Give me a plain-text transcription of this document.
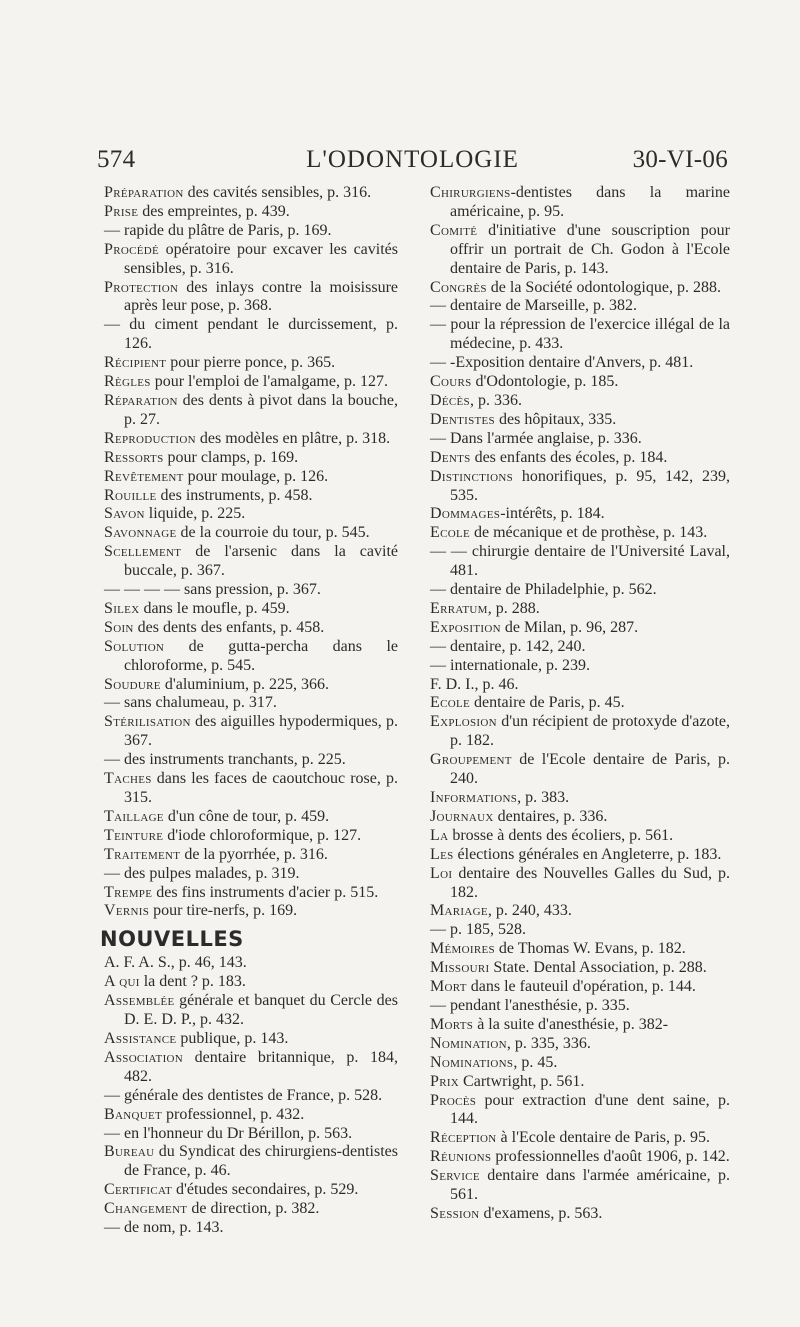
574	L'ODONTOLOGIE	30-VI-06

Préparation des cavités sensibles, p. 316.

Prise des empreintes, p. 439.

— rapide du plâtre de Paris, p. 169.

Procédé opératoire pour excaver les cavités sensibles, p. 316.

Protection des inlays contre la moisissure après leur pose, p. 368.

— du ciment pendant le durcissement, p. 126.

Récipient pour pierre ponce, p. 365.

Règles pour l'emploi de l'amalgame, p. 127.

Réparation des dents à pivot dans la bouche, p. 27.

Reproduction des modèles en plâtre, p. 318.

Ressorts pour clamps, p. 169.

Revêtement pour moulage, p. 126.

Rouille des instruments, p. 458.

Savon liquide, p. 225.

Savonnage de la courroie du tour, p. 545.

Scellement de l'arsenic dans la cavité buccale, p. 367.

— — — — sans pression, p. 367.

Silex dans le moufle, p. 459.

Soin des dents des enfants, p. 458.

Solution de gutta-percha dans le chloroforme, p. 545.

Soudure d'aluminium, p. 225, 366.

— sans chalumeau, p. 317.

Stérilisation des aiguilles hypodermiques, p. 367.

— des instruments tranchants, p. 225.

Taches dans les faces de caoutchouc rose, p. 315.

Taillage d'un cône de tour, p. 459.

Teinture d'iode chloroformique, p. 127.

Traitement de la pyorrhée, p. 316.

— des pulpes malades, p. 319.

Trempe des fins instruments d'acier p. 515.

Vernis pour tire-nerfs, p. 169.

NOUVELLES

A. F. A. S., p. 46, 143.

A qui la dent ? p. 183.

Assemblée générale et banquet du Cercle des D. E. D. P., p. 432.

Assistance publique, p. 143.

Association dentaire britannique, p. 184, 482.

— générale des dentistes de France, p. 528.

Banquet professionnel, p. 432.

— en l'honneur du Dr Bérillon, p. 563.

Bureau du Syndicat des chirurgiens-dentistes de France, p. 46.

Certificat d'études secondaires, p. 529.

Changement de direction, p. 382.

— de nom, p. 143.

Chirurgiens-dentistes dans la marine américaine, p. 95.

Comité d'initiative d'une souscription pour offrir un portrait de Ch. Godon à l'Ecole dentaire de Paris, p. 143.

Congrès de la Société odontologique, p. 288.

— dentaire de Marseille, p. 382.

— pour la répression de l'exercice illégal de la médecine, p. 433.

— -Exposition dentaire d'Anvers, p. 481.

Cours d'Odontologie, p. 185.

Décès, p. 336.

Dentistes des hôpitaux, 335.

— Dans l'armée anglaise, p. 336.

Dents des enfants des écoles, p. 184.

Distinctions honorifiques, p. 95, 142, 239, 535.

Dommages-intérêts, p. 184.

Ecole de mécanique et de prothèse, p. 143.

— — chirurgie dentaire de l'Université Laval, 481.

— dentaire de Philadelphie, p. 562.

Erratum, p. 288.

Exposition de Milan, p. 96, 287.

— dentaire, p. 142, 240.

— internationale, p. 239.

F. D. I., p. 46.

Ecole dentaire de Paris, p. 45.

Explosion d'un récipient de protoxyde d'azote, p. 182.

Groupement de l'Ecole dentaire de Paris, p. 240.

Informations, p. 383.

Journaux dentaires, p. 336.

La brosse à dents des écoliers, p. 561.

Les élections générales en Angleterre, p. 183.

Loi dentaire des Nouvelles Galles du Sud, p. 182.

Mariage, p. 240, 433.

— p. 185, 528.

Mémoires de Thomas W. Evans, p. 182.

Missouri State. Dental Association, p. 288.

Mort dans le fauteuil d'opération, p. 144.

— pendant l'anesthésie, p. 335.

Morts à la suite d'anesthésie, p. 382-

Nomination, p. 335, 336.

Nominations, p. 45.

Prix Cartwright, p. 561.

Procès pour extraction d'une dent saine, p. 144.

Réception à l'Ecole dentaire de Paris, p. 95.

Réunions professionnelles d'août 1906, p. 142.

Service dentaire dans l'armée américaine, p. 561.

Session d'examens, p. 563.
